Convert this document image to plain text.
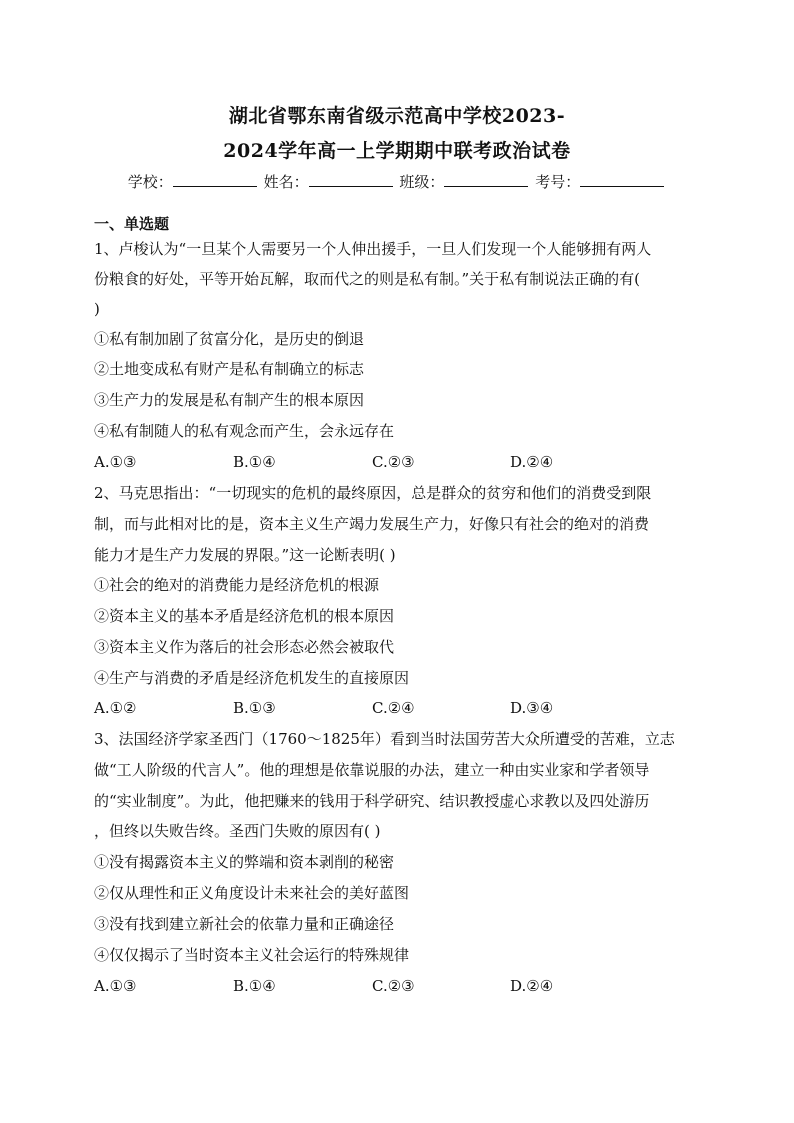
湖北省鄂东南省级示范高中学校2023-
2024学年高一上学期期中联考政治试卷
学校：	姓名：	班级：	考号：
一、单选题
1、卢梭认为“一旦某个人需要另一个人伸出援手，一旦人们发现一个人能够拥有两人
份粮食的好处，平等开始瓦解，取而代之的则是私有制。”关于私有制说法正确的有(
)
①私有制加剧了贫富分化，是历史的倒退
②土地变成私有财产是私有制确立的标志
③生产力的发展是私有制产生的根本原因
④私有制随人的私有观念而产生，会永远存在
A.①③	B.①④	C.②③	D.②④
2、马克思指出：“一切现实的危机的最终原因，总是群众的贫穷和他们的消费受到限
制，而与此相对比的是，资本主义生产竭力发展生产力，好像只有社会的绝对的消费
能力才是生产力发展的界限。”这一论断表明( )
①社会的绝对的消费能力是经济危机的根源
②资本主义的基本矛盾是经济危机的根本原因
③资本主义作为落后的社会形态必然会被取代
④生产与消费的矛盾是经济危机发生的直接原因
A.①②	B.①③	C.②④	D.③④
3、法国经济学家圣西门（1760～1825年）看到当时法国劳苦大众所遭受的苦难，立志
做“工人阶级的代言人”。他的理想是依靠说服的办法，建立一种由实业家和学者领导
的“实业制度”。为此，他把赚来的钱用于科学研究、结识教授虚心求教以及四处游历
，但终以失败告终。圣西门失败的原因有( )
①没有揭露资本主义的弊端和资本剥削的秘密
②仅从理性和正义角度设计未来社会的美好蓝图
③没有找到建立新社会的依靠力量和正确途径
④仅仅揭示了当时资本主义社会运行的特殊规律
A.①③	B.①④	C.②③	D.②④
